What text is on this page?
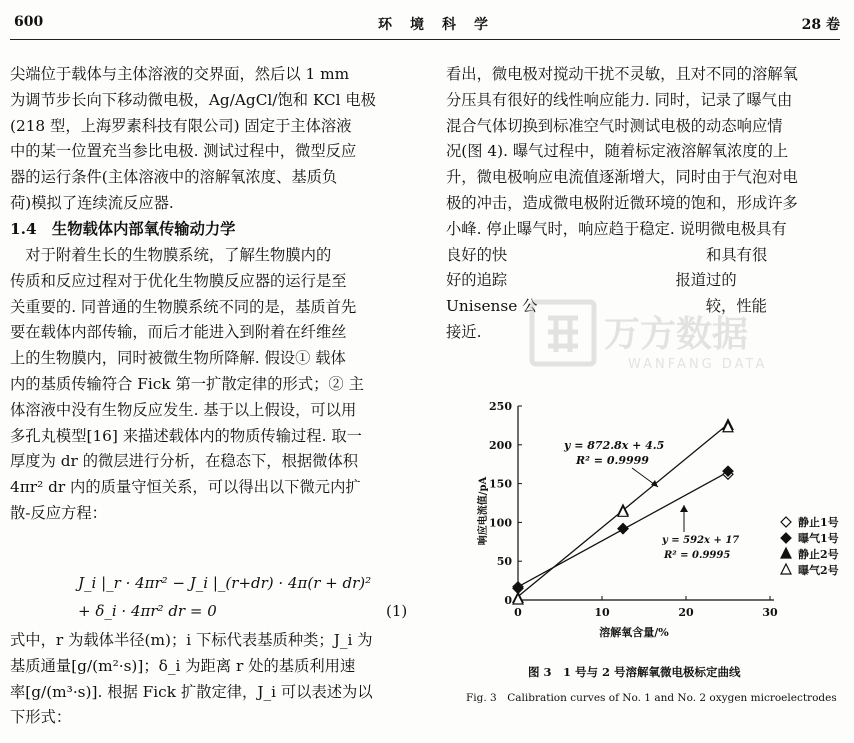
600	环　境　科　学	28 卷
尖端位于载体与主体溶液的交界面，然后以 1 mm
为调节步长向下移动微电极，Ag/AgCl/饱和 KCl 电极
(218 型，上海罗素科技有限公司) 固定于主体溶液
中的某一位置充当参比电极. 测试过程中，微型反应
器的运行条件(主体溶液中的溶解氧浓度、基质负
荷)模拟了连续流反应器.
1.4　生物载体内部氧传输动力学
　对于附着生长的生物膜系统，了解生物膜内的
传质和反应过程对于优化生物膜反应器的运行是至
关重要的. 同普通的生物膜系统不同的是，基质首先
要在载体内部传输，而后才能进入到附着在纤维丝
上的生物膜内，同时被微生物所降解. 假设① 载体
内的基质传输符合 Fick 第一扩散定律的形式；② 主
体溶液中没有生物反应发生. 基于以上假设，可以用
多孔丸模型[16] 来描述载体内的物质传输过程. 取一
厚度为 dr 的微层进行分析，在稳态下，根据微体积
4πr² dr 内的质量守恒关系，可以得出以下微元内扩
散-反应方程：
J_i |_r · 4πr² − J_i |_(r+dr) · 4π(r + dr)²
+ δ_i · 4πr² dr = 0	(1)
式中，r 为载体半径(m)；i 下标代表基质种类；J_i 为
基质通量[g/(m²·s)]；δ_i 为距离 r 处的基质利用速
率[g/(m³·s)]. 根据 Fick 扩散定律，J_i 可以表述为以
下形式：
看出，微电极对搅动干扰不灵敏，且对不同的溶解氧
分压具有很好的线性响应能力. 同时，记录了曝气由
混合气体切换到标准空气时测试电极的动态响应情
况(图 4). 曝气过程中，随着标定液溶解氧浓度的上
升，微电极响应电流值逐渐增大，同时由于气泡对电
极的冲击，造成微电极附近微环境的饱和，形成许多
小峰. 停止曝气时，响应趋于稳定. 说明微电极具有
良好的快　　　　　　　　　　　　　和具有很
好的追踪　　　　　　　　　　　报道过的
Unisense 公　　　　　　　　　　　较，性能
接近.	万方数据
WANFANG DATA
0	10	20	30
0
50
100
150
200
250
溶解氧含量/%
响应电流值/pA
y = 872.8x + 4.5
R² = 0.9999
y = 592x + 17
R² = 0.9995
静止1号
曝气1号
静止2号
曝气2号
图 3　1 号与 2 号溶解氧微电极标定曲线
Fig. 3　Calibration curves of No. 1 and No. 2 oxygen microelectrodes
